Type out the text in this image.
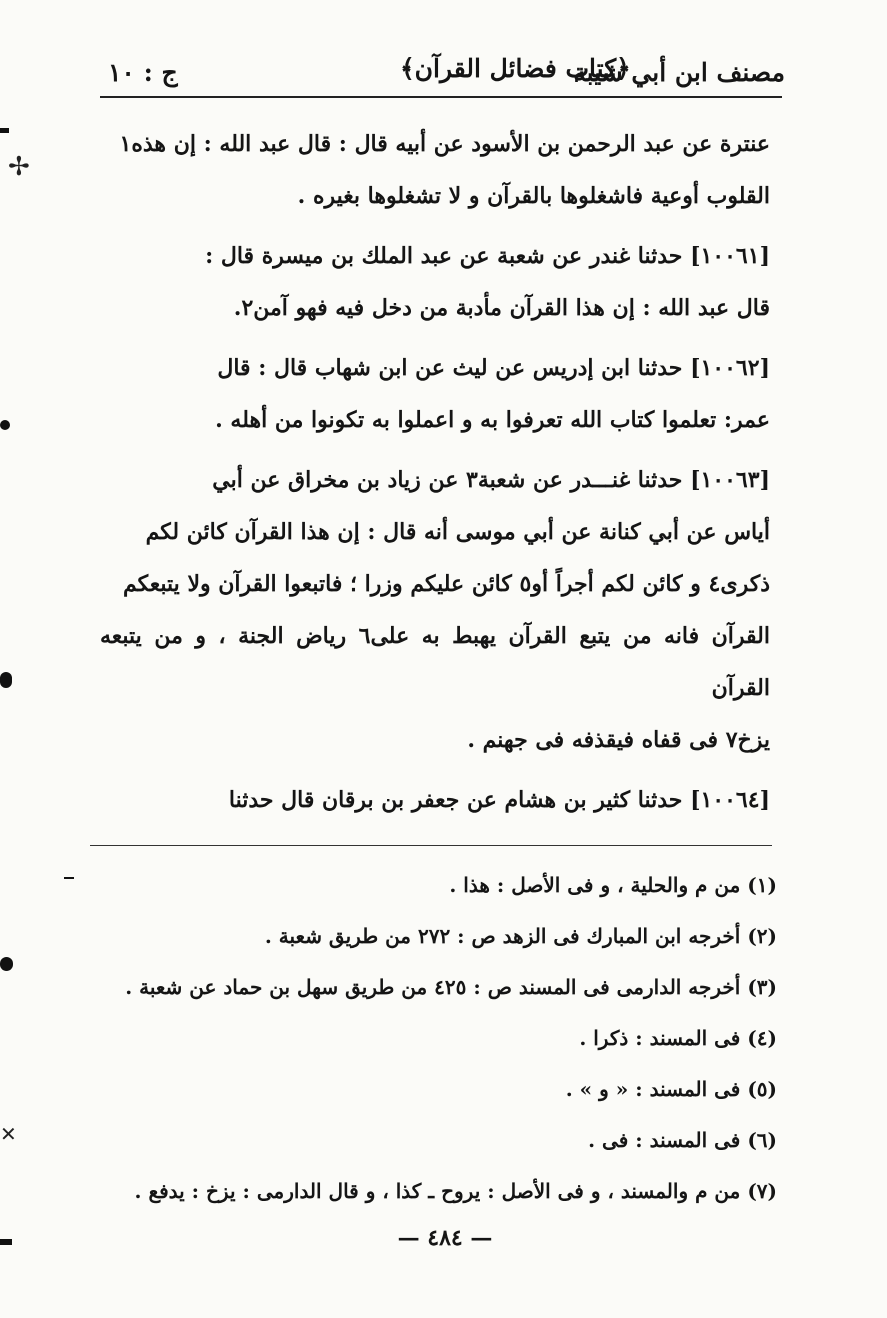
مصنف ابن أبي شيبة
﴿كتاب فضائل القرآن﴾
ج : ١٠
عنترة عن عبد الرحمن بن الأسود عن أبيه قال : قال عبد الله : إن هذه١
القلوب أوعية فاشغلوها بالقرآن و لا تشغلوها بغيره .
[١٠٠٦١] حدثنا غندر عن شعبة عن عبد الملك بن ميسرة قال :
قال عبد الله : إن هذا القرآن مأدبة من دخل فيه فهو آمن٢.
[١٠٠٦٢] حدثنا ابن إدريس عن ليث عن ابن شهاب قال : قال
عمر: تعلموا كتاب الله تعرفوا به و اعملوا به تكونوا من أهله .
[١٠٠٦٣] حدثنا غنـــدر عن شعبة٣ عن زياد بن مخراق عن أبي
أياس عن أبي كنانة عن أبي موسى أنه قال : إن هذا القرآن كائن لكم
ذكرى٤ و كائن لكم أجراً أو٥ كائن عليكم وزرا ؛ فاتبعوا القرآن ولا يتبعكم
القرآن فانه من يتبع القرآن يهبط به على٦ رياض الجنة ، و من يتبعه القرآن
يزخ٧ فى قفاه فيقذفه فى جهنم .
[١٠٠٦٤] حدثنا كثير بن هشام عن جعفر بن برقان قال حدثنا
(١) من م والحلية ، و فى الأصل : هذا .
(٢) أخرجه ابن المبارك فى الزهد ص : ٢٧٢ من طريق شعبة .
(٣) أخرجه الدارمى فى المسند ص : ٤٢٥ من طريق سهل بن حماد عن شعبة .
(٤) فى المسند : ذكرا .
(٥) فى المسند : « و » .
(٦) فى المسند : فى .
(٧) من م والمسند ، و فى الأصل : يروح ـ كذا ، و قال الدارمى : يزخ : يدفع .
— ٤٨٤ —
✢
✕
